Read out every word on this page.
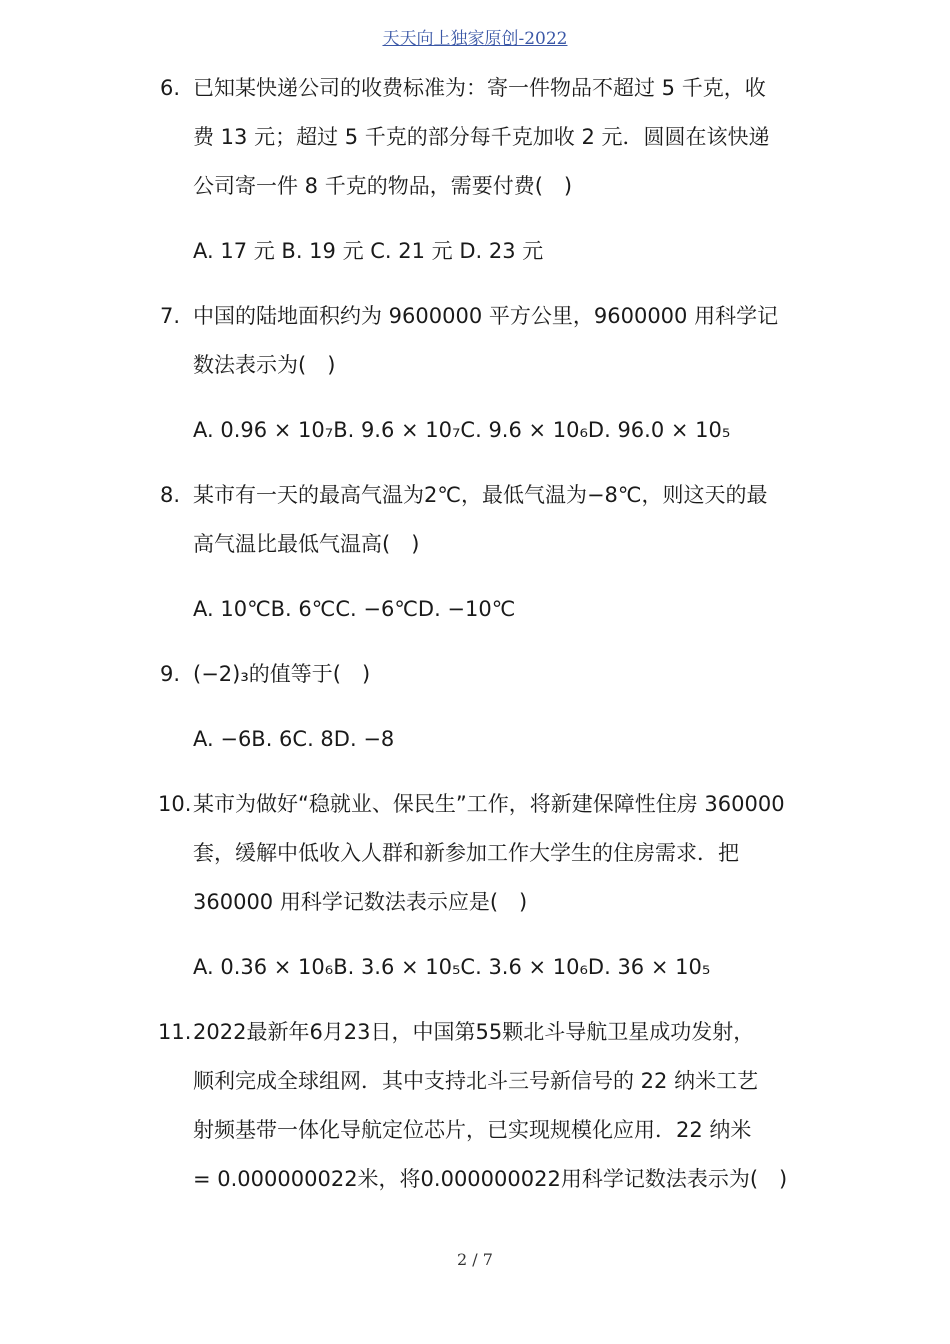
天天向上独家原创-2022
6. 已知某快递公司的收费标准为：寄一件物品不超过 5 千克，收
费 13 元；超过 5 千克的部分每千克加收 2 元．圆圆在该快递
公司寄一件 8 千克的物品，需要付费(　)
A. 17 元 B. 19 元 C. 21 元 D. 23 元
7. 中国的陆地面积约为 9600000 平方公里，9600000 用科学记
数法表示为(　)
A. 0.96 × 10₇B. 9.6 × 10₇C. 9.6 × 10₆D. 96.0 × 10₅
8. 某市有一天的最高气温为2℃，最低气温为−8℃，则这天的最
高气温比最低气温高(　)
A. 10℃B. 6℃C. −6℃D. −10℃
9. (−2)₃的值等于(　)
A. −6B. 6C. 8D. −8
10. 某市为做好“稳就业、保民生”工作，将新建保障性住房 360000
套，缓解中低收入人群和新参加工作大学生的住房需求．把
360000 用科学记数法表示应是(　)
A. 0.36 × 10₆B. 3.6 × 10₅C. 3.6 × 10₆D. 36 × 10₅
11. 2022最新年6月23日，中国第55颗北斗导航卫星成功发射，
顺利完成全球组网．其中支持北斗三号新信号的 22 纳米工艺
射频基带一体化导航定位芯片，已实现规模化应用．22 纳米
= 0.000000022米，将0.000000022用科学记数法表示为(　)
2 / 7
